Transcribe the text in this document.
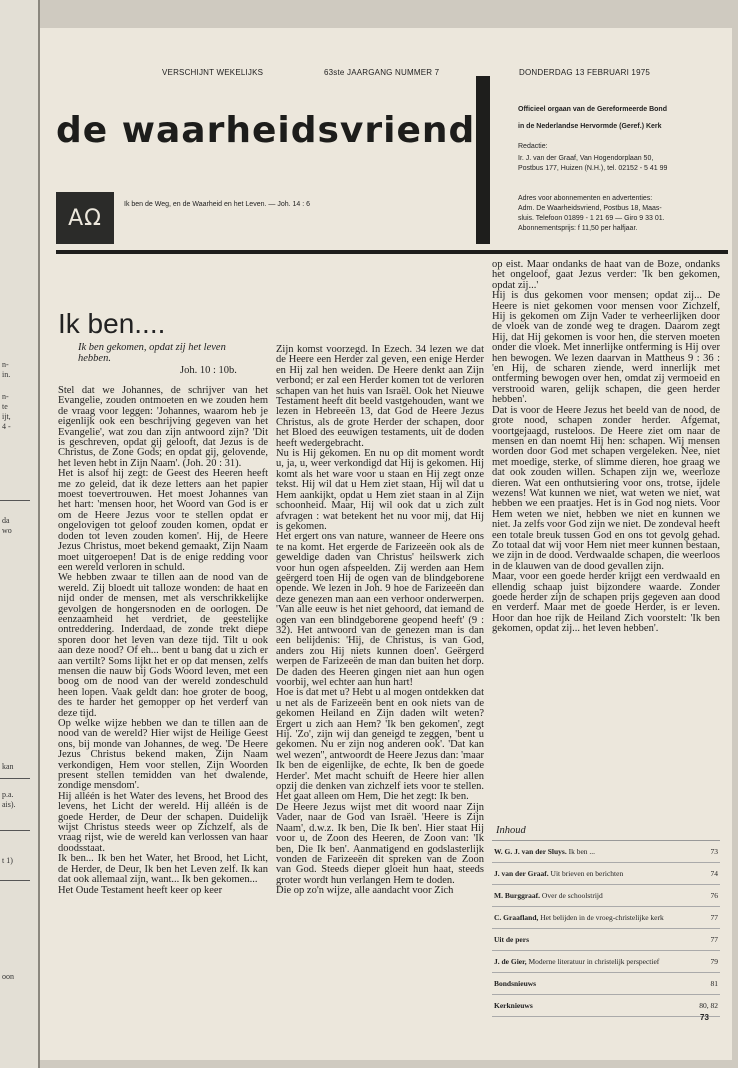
n-
in.
n-
te
ijt,
4 -
da
wo
kan
p.a.
ais).
t 1)
oon
VERSCHIJNT WEKELIJKS	63ste JAARGANG NUMMER 7	DONDERDAG 13 FEBRUARI 1975
de waarheidsvriend
AΩ
Ik ben de Weg, en de Waarheid en het Leven. — Joh. 14 : 6
Officieel orgaan van de Gereformeerde Bond
in de Nederlandse Hervormde (Geref.) Kerk
Redactie:
Ir. J. van der Graaf, Van Hogendorplaan 50,
Postbus 177, Huizen (N.H.), tel. 02152 - 5 41 99
Adres voor abonnementen en advertenties:
Adm. De Waarheidsvriend, Postbus 18, Maas-
sluis. Telefoon 01899 - 1 21 69 — Giro 9 33 01.
Abonnementsprijs: f 11,50 per halfjaar.
Ik ben....
Ik ben gekomen, opdat zij het leven hebben.
Joh. 10 : 10b.
Stel dat we Johannes, de schrijver van het Evangelie, zouden ontmoeten en we zouden hem de vraag voor leggen: 'Johannes, waarom heb je eigenlijk ook een beschrijving gegeven van het Evangelie', wat zou dan zijn antwoord zijn? 'Dit is geschreven, opdat gij gelooft, dat Jezus is de Christus, de Zone Gods; en opdat gij, gelovende, het leven hebt in Zijn Naam'. (Joh. 20 : 31).
Het is alsof hij zegt: de Geest des Heeren heeft me zo geleid, dat ik deze letters aan het papier moest toevertrouwen. Het moest Johannes van het hart: 'mensen hoor, het Woord van God is er om de Heere Jezus voor te stellen opdat er ongelovigen tot geloof zouden komen, opdat er doden tot leven zouden komen'. Hij, de Heere Jezus Christus, moet bekend gemaakt, Zijn Naam moet uitgeroepen! Dat is de enige redding voor een wereld verloren in schuld.
We hebben zwaar te tillen aan de nood van de wereld. Zij bloedt uit talloze wonden: de haat en nijd onder de mensen, met als verschrikkelijke gevolgen de hongersnoden en de oorlogen. De eenzaamheid het verdriet, de geestelijke ontreddering. Inderdaad, de zonde trekt diepe sporen door het leven van deze tijd. Tilt u ook aan deze nood? Of eh... bent u bang dat u zich er aan vertilt? Soms lijkt het er op dat mensen, zelfs mensen die nauw bij Gods Woord leven, met een boog om de nood van der wereld zondeschuld heen lopen. Vaak geldt dan: hoe groter de boog, des te harder het gemopper op het verderf van deze tijd.
Op welke wijze hebben we dan te tillen aan de nood van de wereld? Hier wijst de Heilige Geest ons, bij monde van Johannes, de weg. 'De Heere Jezus Christus bekend maken, Zijn Naam verkondigen, Hem voor stellen, Zijn Woorden present stellen temidden van het dwalende, zondige mensdom'.
Hij alléén is het Water des levens, het Brood des levens, het Licht der wereld. Hij alléén is de goede Herder, de Deur der schapen. Duidelijk wijst Christus steeds weer op Zichzelf, als de vraag rijst, wie de wereld kan verlossen van haar doodsstaat.
Ik ben... Ik ben het Water, het Brood, het Licht, de Herder, de Deur, Ik ben het Leven zelf. Ik kan dat ook allemaal zijn, want... Ik ben gekomen...
Het Oude Testament heeft keer op keer
Zijn komst voorzegd. In Ezech. 34 lezen we dat de Heere een Herder zal geven, een enige Herder en Hij zal hen weiden. De Heere denkt aan Zijn verbond; er zal een Herder komen tot de verloren schapen van het huis van Israël. Ook het Nieuwe Testament heeft dit beeld vastgehouden, want we lezen in Hebreeën 13, dat God de Heere Jezus Christus, als de grote Herder der schapen, door het Bloed des eeuwigen testaments, uit de doden heeft wedergebracht.
Nu is Hij gekomen. En nu op dit moment wordt u, ja, u, weer verkondigd dat Hij is gekomen. Hij komt als het ware voor u staan en Hij zegt onze tekst. Hij wil dat u Hem ziet staan, Hij wil dat u Hem aankijkt, opdat u Hem ziet staan in al Zijn schoonheid. Maar, Hij wil ook dat u zich zult afvragen : wat betekent het nu voor mij, dat Hij is gekomen.
Het ergert ons van nature, wanneer de Heere ons te na komt. Het ergerde de Farizeeën ook als de geweldige daden van Christus' heilswerk zich voor hun ogen afspeelden. Zij werden aan Hem geërgerd toen Hij de ogen van de blindgeborene opende. We lezen in Joh. 9 hoe de Farizeeën dan deze genezen man aan een verhoor onderwerpen. 'Van alle eeuw is het niet gehoord, dat iemand de ogen van een blindgeborene geopend heeft' (9 : 32). Het antwoord van de genezen man is dan een belijdenis: 'Hij, de Christus, is van God, anders zou Hij niets kunnen doen'. Geërgerd werpen de Farizeeën de man dan buiten het dorp. De daden des Heeren gingen niet aan hun ogen voorbij, wel echter aan hun hart!
Hoe is dat met u? Hebt u al mogen ontdekken dat u net als de Farizeeën bent en ook niets van de gekomen Heiland en Zijn daden wilt weten? Ergert u zich aan Hem? 'Ik ben gekomen', zegt Hij. 'Zo', zijn wij dan geneigd te zeggen, 'bent u gekomen. Nu er zijn nog anderen ook'. 'Dat kan wel wezen'', antwoordt de Heere Jezus dan: 'maar Ik ben de eigenlijke, de echte, Ik ben de goede Herder'. Met macht schuift de Heere hier allen opzij die denken van zichzelf iets voor te stellen. Het gaat alleen om Hem, Die het zegt: Ik ben.
De Heere Jezus wijst met dit woord naar Zijn Vader, naar de God van Israël. 'Heere is Zijn Naam', d.w.z. Ik ben, Die Ik ben'. Hier staat Hij voor u, de Zoon des Heeren, de Zoon van: 'Ik ben, Die Ik ben'. Aanmatigend en godslasterlijk vonden de Farizeeën dit spreken van de Zoon van God. Steeds dieper gloeit hun haat, steeds groter wordt hun verlangen Hem te doden.
Die op zo'n wijze, alle aandacht voor Zich
op eist. Maar ondanks de haat van de Boze, ondanks het ongeloof, gaat Jezus verder: 'Ik ben gekomen, opdat zij...'
Hij is dus gekomen voor mensen; opdat zij... De Heere is niet gekomen voor mensen voor Zichzelf, Hij is gekomen om Zijn Vader te verheerlijken door de vloek van de zonde weg te dragen. Daarom zegt Hij, dat Hij gekomen is voor hen, die sterven moeten onder die vloek. Met innerlijke ontferming is Hij over hen bewogen. We lezen daarvan in Mattheus 9 : 36 : 'en Hij, de scharen ziende, werd innerlijk met ontferming bewogen over hen, omdat zij vermoeid en verstrooid waren, gelijk schapen, die geen herder hebben'.
Dat is voor de Heere Jezus het beeld van de nood, de grote nood, schapen zonder herder. Afgemat, voortgejaagd, rusteloos. De Heere ziet om naar de mensen en dan noemt Hij hen: schapen. Wij mensen worden door God met schapen vergeleken. Nee, niet met moedige, sterke, of slimme dieren, hoe graag we dat ook zouden willen. Schapen zijn we, weerloze dieren. Wat een onthutsiering voor ons, trotse, ijdele wezens! Wat kunnen we niet, wat weten we niet, wat hebben we een praatjes. Het is in God nog niets. Voor Hem weten we niet, hebben we niet en kunnen we niet. Ja zelfs voor God zijn we niet. De zondeval heeft een totale breuk tussen God en ons tot gevolg gehad. Zo totaal dat wij voor Hem niet meer kunnen bestaan, we zijn in de dood. Verdwaalde schapen, die weerloos in de klauwen van de dood gevallen zijn.
Maar, voor een goede herder krijgt een verdwaald en ellendig schaap juist bijzondere waarde. Zonder goede herder zijn de schapen prijs gegeven aan dood en verderf. Maar met de goede Herder, is er leven. Hoor dan hoe rijk de Heiland Zich voorstelt: 'Ik ben gekomen, opdat zij... het leven hebben'.
Inhoud
W. G. J. van der Sluys. Ik ben ...	73
J. van der Graaf. Uit brieven en berichten	74
M. Burggraaf. Over de schoolstrijd	76
C. Graafland, Het belijden in de vroeg-christelijke kerk	77
Uit de pers	77
J. de Gier, Moderne literatuur in christelijk perspectief	79
Bondsnieuws	81
Kerknieuws	80, 82
73
